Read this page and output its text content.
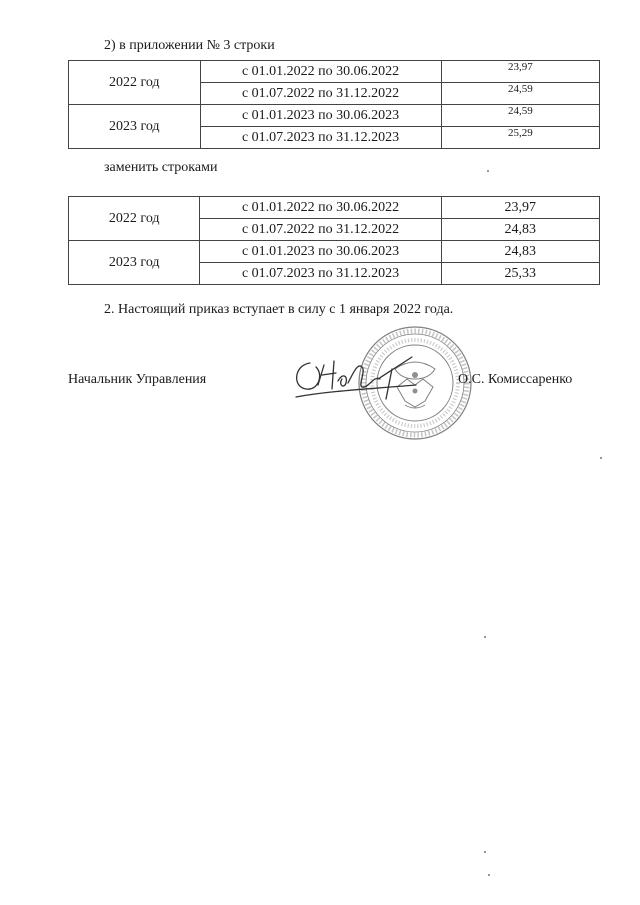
2) в приложении № 3 строки
2022 год	с 01.01.2022 по 30.06.2022	23,97
	с 01.07.2022 по 31.12.2022	24,59
2023 год	с 01.01.2023 по 30.06.2023	24,59
	с 01.07.2023 по 31.12.2023	25,29
заменить строками
2022 год	с 01.01.2022 по 30.06.2022	23,97
	с 01.07.2022 по 31.12.2022	24,83
2023 год	с 01.01.2023 по 30.06.2023	24,83
	с 01.07.2023 по 31.12.2023	25,33
2. Настоящий приказ вступает в силу с 1 января 2022 года.
Начальник Управления	О.С. Комиссаренко
